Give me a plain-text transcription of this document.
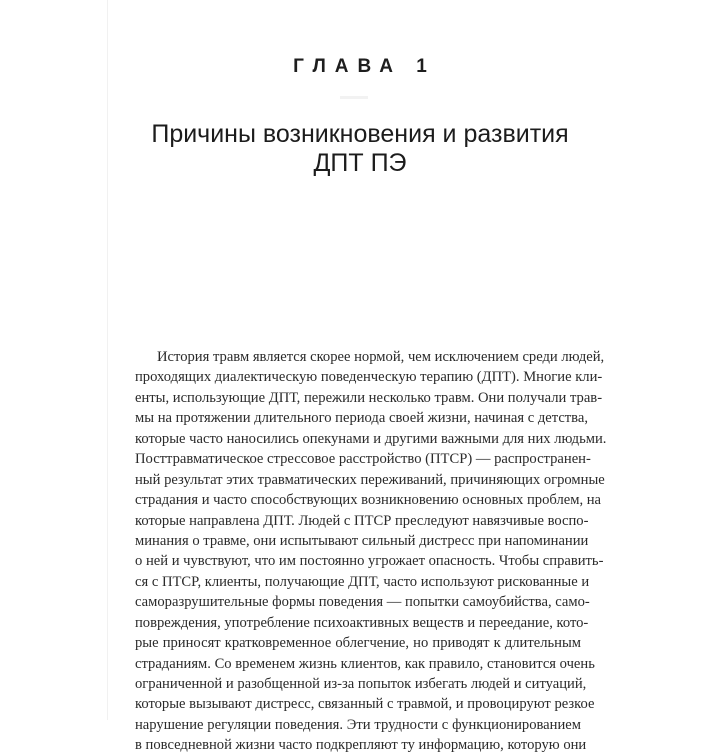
ГЛАВА 1
Причины возникновения и развития
ДПТ ПЭ
История травм является скорее нормой, чем исключением среди людей,
проходящих диалектическую поведенческую терапию (ДПТ). Многие кли-
енты, использующие ДПТ, пережили несколько травм. Они получали трав-
мы на протяжении длительного периода своей жизни, начиная с детства,
которые часто наносились опекунами и другими важными для них людьми.
Посттравматическое стрессовое расстройство (ПТСР) — распространен-
ный результат этих травматических переживаний, причиняющих огромные
страдания и часто способствующих возникновению основных проблем, на
которые направлена ДПТ. Людей с ПТСР преследуют навязчивые воспо-
минания о травме, они испытывают сильный дистресс при напоминании
о ней и чувствуют, что им постоянно угрожает опасность. Чтобы справить-
ся с ПТСР, клиенты, получающие ДПТ, часто используют рискованные и
саморазрушительные формы поведения — попытки самоубийства, само-
повреждения, употребление психоактивных веществ и переедание, кото-
рые приносят кратковременное облегчение, но приводят к длительным
страданиям. Со временем жизнь клиентов, как правило, становится очень
ограниченной и разобщенной из-за попыток избегать людей и ситуаций,
которые вызывают дистресс, связанный с травмой, и провоцируют резкое
нарушение регуляции поведения. Эти трудности с функционированием
в повседневной жизни часто подкрепляют ту информацию, которую они
